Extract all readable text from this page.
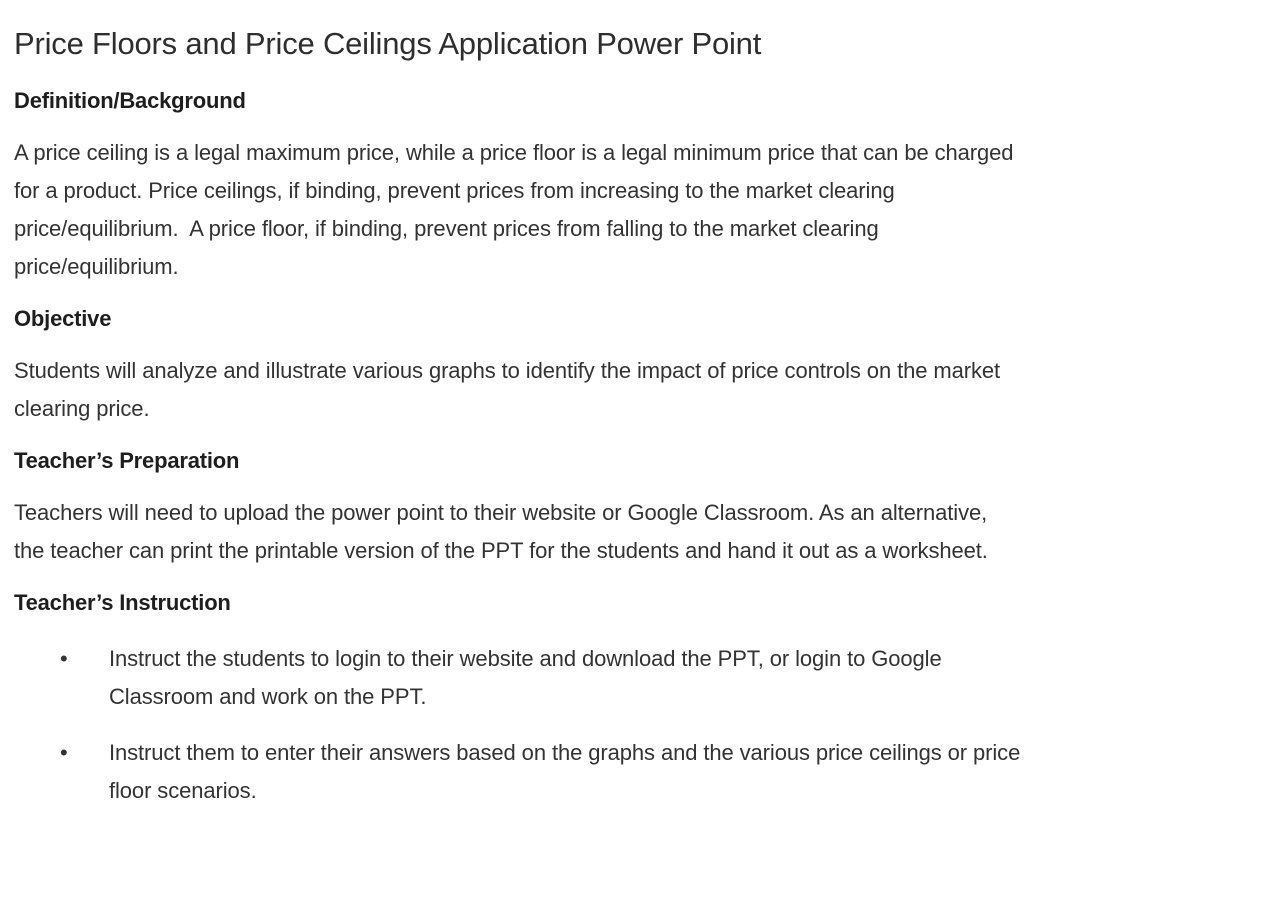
Price Floors and Price Ceilings Application Power Point
Definition/Background
A price ceiling is a legal maximum price, while a price floor is a legal minimum price that can be charged
for a product. Price ceilings, if binding, prevent prices from increasing to the market clearing
price/equilibrium.  A price floor, if binding, prevent prices from falling to the market clearing
price/equilibrium.
Objective
Students will analyze and illustrate various graphs to identify the impact of price controls on the market
clearing price.
Teacher’s Preparation
Teachers will need to upload the power point to their website or Google Classroom. As an alternative,
the teacher can print the printable version of the PPT for the students and hand it out as a worksheet.
Teacher’s Instruction
• Instruct the students to login to their website and download the PPT, or login to Google
Classroom and work on the PPT.
• Instruct them to enter their answers based on the graphs and the various price ceilings or price
floor scenarios.
